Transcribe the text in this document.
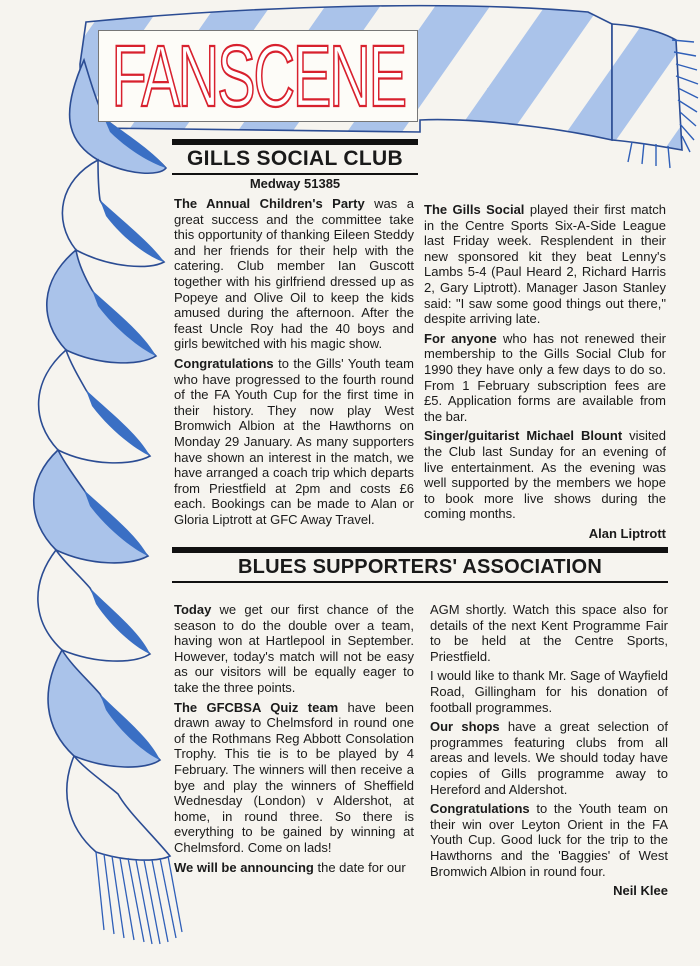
FANSCENE
GILLS SOCIAL CLUB
Medway 51385

The Annual Children's Party was a great success and the committee take this opportunity of thanking Eileen Steddy and her friends for their help with the catering. Club member Ian Guscott together with his girlfriend dressed up as Popeye and Olive Oil to keep the kids amused during the afternoon. After the feast Uncle Roy had the 40 boys and girls bewitched with his magic show.

Congratulations to the Gills' Youth team who have progressed to the fourth round of the FA Youth Cup for the first time in their history. They now play West Bromwich Albion at the Hawthorns on Monday 29 January. As many supporters have shown an interest in the match, we have arranged a coach trip which departs from Priestfield at 2pm and costs £6 each. Bookings can be made to Alan or Gloria Liptrott at GFC Away Travel.

The Gills Social played their first match in the Centre Sports Six-A-Side League last Friday week. Resplendent in their new sponsored kit they beat Lenny's Lambs 5-4 (Paul Heard 2, Richard Harris 2, Gary Liptrott). Manager Jason Stanley said: "I saw some good things out there," despite arriving late.

For anyone who has not renewed their membership to the Gills Social Club for 1990 they have only a few days to do so. From 1 February subscription fees are £5. Application forms are available from the bar.

Singer/guitarist Michael Blount visited the Club last Sunday for an evening of live entertainment. As the evening was well supported by the members we hope to book more live shows during the coming months.

Alan Liptrott
BLUES SUPPORTERS' ASSOCIATION

Today we get our first chance of the season to do the double over a team, having won at Hartlepool in September. However, today's match will not be easy as our visitors will be equally eager to take the three points.

The GFCBSA Quiz team have been drawn away to Chelmsford in round one of the Rothmans Reg Abbott Consolation Trophy. This tie is to be played by 4 February. The winners will then receive a bye and play the winners of Sheffield Wednesday (London) v Aldershot, at home, in round three. So there is everything to be gained by winning at Chelmsford. Come on lads!

We will be announcing the date for our

AGM shortly. Watch this space also for details of the next Kent Programme Fair to be held at the Centre Sports, Priestfield.

I would like to thank Mr. Sage of Wayfield Road, Gillingham for his donation of football programmes.

Our shops have a great selection of programmes featuring clubs from all areas and levels. We should today have copies of Gills programme away to Hereford and Aldershot.

Congratulations to the Youth team on their win over Leyton Orient in the FA Youth Cup. Good luck for the trip to the Hawthorns and the 'Baggies' of West Bromwich Albion in round four.

Neil Klee
